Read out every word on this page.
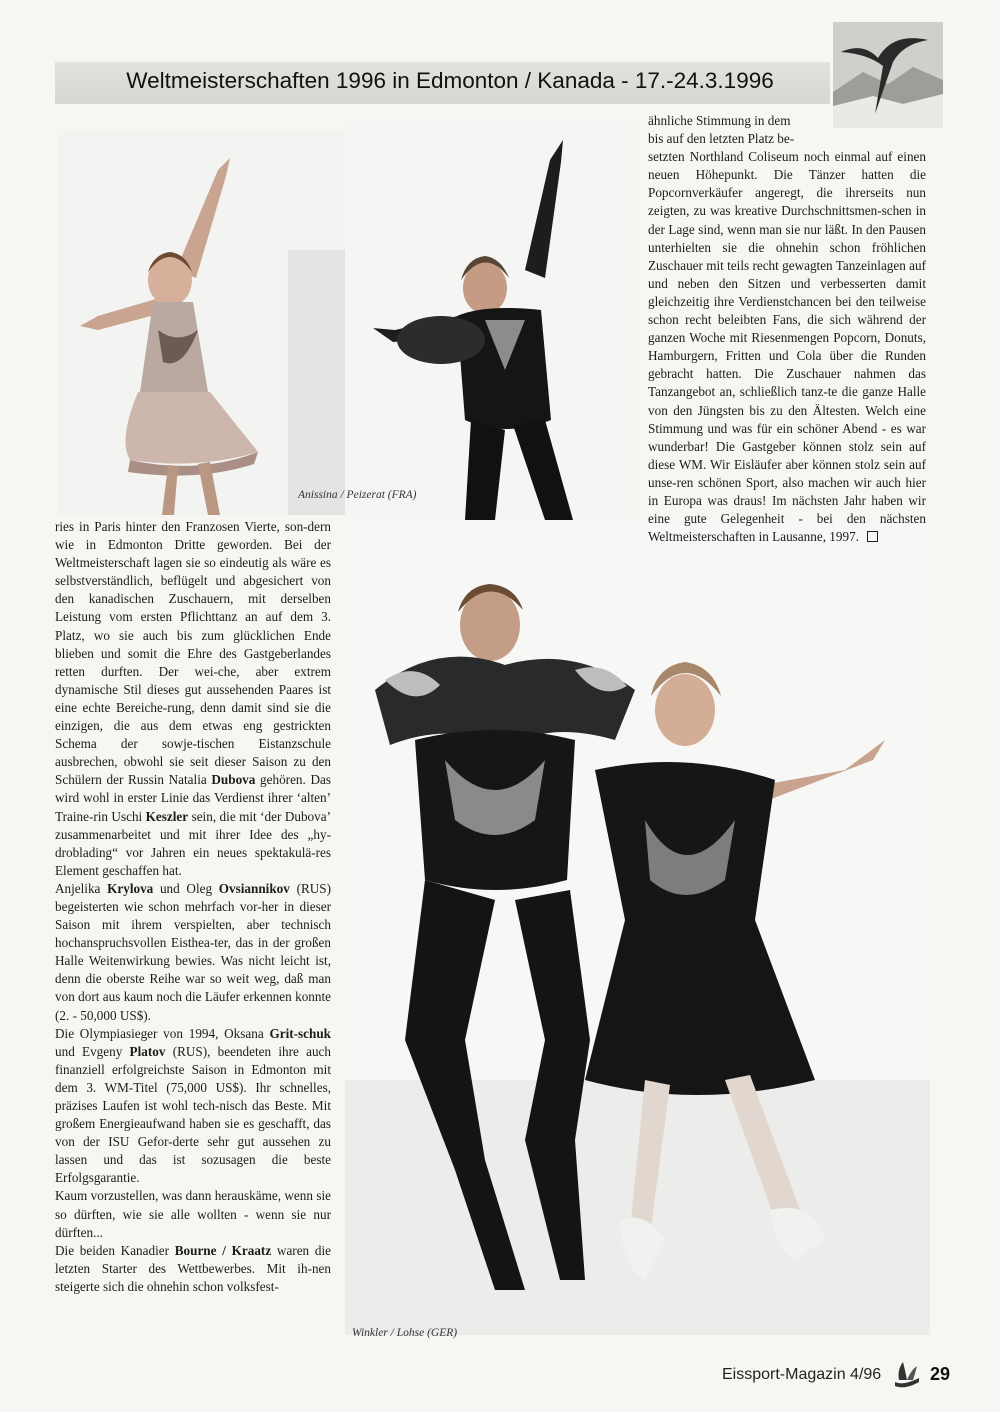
Weltmeisterschaften 1996 in Edmonton / Kanada - 17.-24.3.1996
Anissina / Peizerat (FRA)
Winkler / Lohse (GER)

ries in Paris hinter den Franzosen Vierte, son-dern wie in Edmonton Dritte geworden. Bei der Weltmeisterschaft lagen sie so eindeutig als wäre es selbstverständlich, beflügelt und abgesichert von den kanadischen Zuschauern, mit derselben Leistung vom ersten Pflichttanz an auf dem 3. Platz, wo sie auch bis zum glücklichen Ende blieben und somit die Ehre des Gastgeberlandes retten durften. Der wei-che, aber extrem dynamische Stil dieses gut aussehenden Paares ist eine echte Bereiche-rung, denn damit sind sie die einzigen, die aus dem etwas eng gestrickten Schema der sowje-tischen Eistanzschule ausbrechen, obwohl sie seit dieser Saison zu den Schülern der Russin Natalia Dubova gehören. Das wird wohl in erster Linie das Verdienst ihrer ‘alten’ Traine-rin Uschi Keszler sein, die mit ‘der Dubova’ zusammenarbeitet und mit ihrer Idee des „hy-droblading“ vor Jahren ein neues spektakulä-res Element geschaffen hat.

Anjelika Krylova und Oleg Ovsiannikov (RUS) begeisterten wie schon mehrfach vor-her in dieser Saison mit ihrem verspielten, aber technisch hochanspruchsvollen Eisthea-ter, das in der großen Halle Weitenwirkung bewies. Was nicht leicht ist, denn die oberste Reihe war so weit weg, daß man von dort aus kaum noch die Läufer erkennen konnte (2. - 50,000 US$).

Die Olympiasieger von 1994, Oksana Grit-schuk und Evgeny Platov (RUS), beendeten ihre auch finanziell erfolgreichste Saison in Edmonton mit dem 3. WM-Titel (75,000 US$). Ihr schnelles, präzises Laufen ist wohl tech-nisch das Beste. Mit großem Energieaufwand haben sie es geschafft, das von der ISU Gefor-derte sehr gut aussehen zu lassen und das ist sozusagen die beste Erfolgsgarantie.

Kaum vorzustellen, was dann herauskäme, wenn sie so dürften, wie sie alle wollten - wenn sie nur dürften...

Die beiden Kanadier Bourne / Kraatz waren die letzten Starter des Wettbewerbes. Mit ih-nen steigerte sich die ohnehin schon volksfest-

ähnliche Stimmung in dem
bis auf den letzten Platz be-

setzten Northland Coliseum noch einmal auf einen neuen Höhepunkt. Die Tänzer hatten die Popcornverkäufer angeregt, die ihrerseits nun zeigten, zu was kreative Durchschnittsmen-schen in der Lage sind, wenn man sie nur läßt. In den Pausen unterhielten sie die ohnehin schon fröhlichen Zuschauer mit teils recht gewagten Tanzeinlagen auf und neben den Sitzen und verbesserten damit gleichzeitig ihre Verdienstchancen bei den teilweise schon recht beleibten Fans, die sich während der ganzen Woche mit Riesenmengen Popcorn, Donuts, Hamburgern, Fritten und Cola über die Runden gebracht hatten. Die Zuschauer nahmen das Tanzangebot an, schließlich tanz-te die ganze Halle von den Jüngsten bis zu den Ältesten. Welch eine Stimmung und was für ein schöner Abend - es war wunderbar! Die Gastgeber können stolz sein auf diese WM. Wir Eisläufer aber können stolz sein auf unse-ren schönen Sport, also machen wir auch hier in Europa was draus! Im nächsten Jahr haben wir eine gute Gelegenheit - bei den nächsten Weltmeisterschaften in Lausanne, 1997.

Eissport-Magazin 4/96	29
